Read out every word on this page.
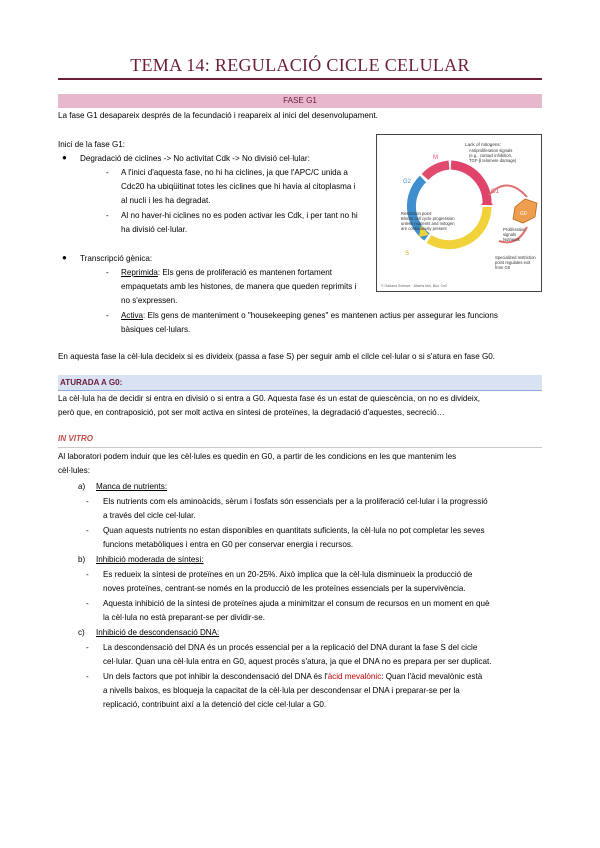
TEMA 14: REGULACIÓ CICLE CELULAR
FASE G1
La fase G1 desapareix després de la fecundació i reapareix al inici del desenvolupament.
Inici de la fase G1:
● Degradació de ciclines -> No activitat Cdk -> No divisió cel·lular:
- A l'inici d'aquesta fase, no hi ha ciclines, ja que l'APC/C unida a
Cdc20 ha ubiqüitinat totes les ciclines que hi havia al citoplasma i
al nucli i les ha degradat.
- Al no haver-hi ciclines no es poden activar les Cdk, i per tant no hi
ha divisió cel·lular.
● Transcripció gènica:
- Reprimida: Els gens de proliferació es mantenen fortament
empaquetats amb les histones, de manera que queden reprimits i
no s'expressen.
- Activa: Els gens de manteniment o "housekeeping genes" es mantenen actius per assegurar les funcions
bàsiques cel·lulars.
En aquesta fase la cèl·lula decideix si es divideix (passa a fase S) per seguir amb el cilcle cel·lular o si s'atura en fase G0.
M
G2
G1
S
G0
Lack of mitogens:
Antiproliferation signals
(e.g., contact inhibition,
TGF-β telomere damage)
Restriction point:
Blocks cell cycle progression
unless nutrients and mitogen
are continuously present	Proliferation
signals
Nutrients
Specialized restriction
point regulates exit
from G0
© Garland Science · Alberts Mol. Biol. Cell
ATURADA A G0:
La cèl·lula ha de decidir si entra en divisió o si entra a G0. Aquesta fase és un estat de quiescència, on no es divideix,
però que, en contraposició, pot ser molt activa en síntesi de proteïnes, la degradació d'aquestes, secreció…
IN VITRO
Al laboratori podem induir que les cèl·lules es quedin en G0, a partir de les condicions en les que mantenim les
cèl·lules:
a) Manca de nutrients:
- Els nutrients com els aminoàcids, sèrum i fosfats són essencials per a la proliferació cel·lular i la progressió
a través del cicle cel·lular.
- Quan aquests nutrients no estan disponibles en quantitats suficients, la cèl·lula no pot completar les seves
funcions metabòliques i entra en G0 per conservar energia i recursos.
b) Inhibició moderada de síntesi:
- Es redueix la síntesi de proteïnes en un 20-25%. Això implica que la cèl·lula disminueix la producció de
noves proteïnes, centrant-se només en la producció de les proteïnes essencials per la supervivència.
- Aquesta inhibició de la síntesi de proteïnes ajuda a minimitzar el consum de recursos en un moment en què
la cèl·lula no està preparant-se per dividir-se.
c) Inhibició de descondensació DNA:
- La descondensació del DNA és un procés essencial per a la replicació del DNA durant la fase S del cicle
cel·lular. Quan una cèl·lula entra en G0, aquest procés s'atura, ja que el DNA no es prepara per ser duplicat.
- Un dels factors que pot inhibir la descondensació del DNA és l'àcid mevalònic: Quan l'àcid mevalònic està
a nivells baixos, es bloqueja la capacitat de la cèl·lula per descondensar el DNA i preparar-se per la
replicació, contribuint així a la detenció del cicle cel·lular a G0.
